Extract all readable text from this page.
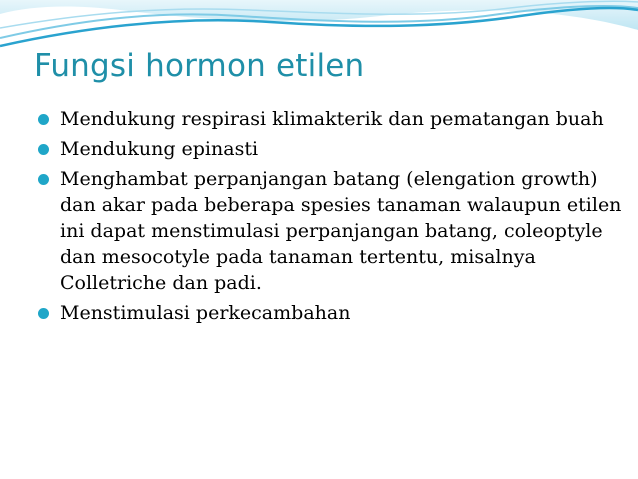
Fungsi hormon etilen
Mendukung respirasi klimakterik dan pematangan buah
Mendukung epinasti
Menghambat perpanjangan batang (elengation growth) dan akar pada beberapa spesies tanaman walaupun etilen ini dapat menstimulasi perpanjangan batang, coleoptyle dan mesocotyle pada tanaman tertentu, misalnya Colletriche dan padi.
Menstimulasi perkecambahan
